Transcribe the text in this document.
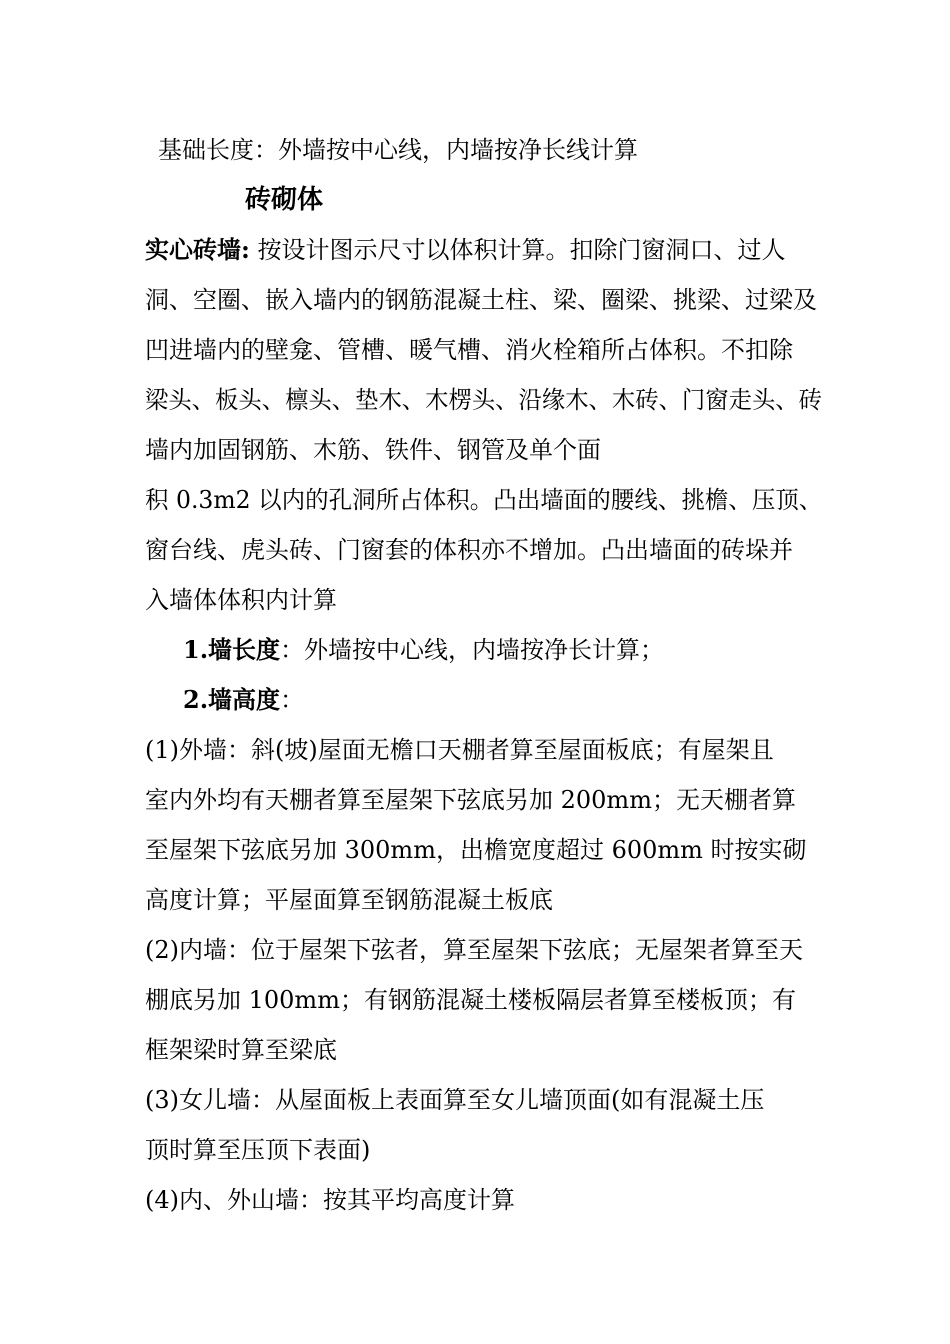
基础长度：外墙按中心线，内墙按净长线计算
砖砌体
实心砖墙: 按设计图示尺寸以体积计算。扣除门窗洞口、过人
洞、空圈、嵌入墙内的钢筋混凝土柱、梁、圈梁、挑梁、过梁及
凹进墙内的壁龛、管槽、暖气槽、消火栓箱所占体积。不扣除
梁头、板头、檩头、垫木、木楞头、沿缘木、木砖、门窗走头、砖
墙内加固钢筋、木筋、铁件、钢管及单个面
积 0.3m2 以内的孔洞所占体积。凸出墙面的腰线、挑檐、压顶、
窗台线、虎头砖、门窗套的体积亦不增加。凸出墙面的砖垛并
入墙体体积内计算
1.墙长度：外墙按中心线，内墙按净长计算；
2.墙高度：
(1)外墙：斜(坡)屋面无檐口天棚者算至屋面板底；有屋架且
室内外均有天棚者算至屋架下弦底另加 200mm；无天棚者算
至屋架下弦底另加 300mm，出檐宽度超过 600mm 时按实砌
高度计算；平屋面算至钢筋混凝土板底
(2)内墙：位于屋架下弦者，算至屋架下弦底；无屋架者算至天
棚底另加 100mm；有钢筋混凝土楼板隔层者算至楼板顶；有
框架梁时算至梁底
(3)女儿墙：从屋面板上表面算至女儿墙顶面(如有混凝土压
顶时算至压顶下表面)
(4)内、外山墙：按其平均高度计算
